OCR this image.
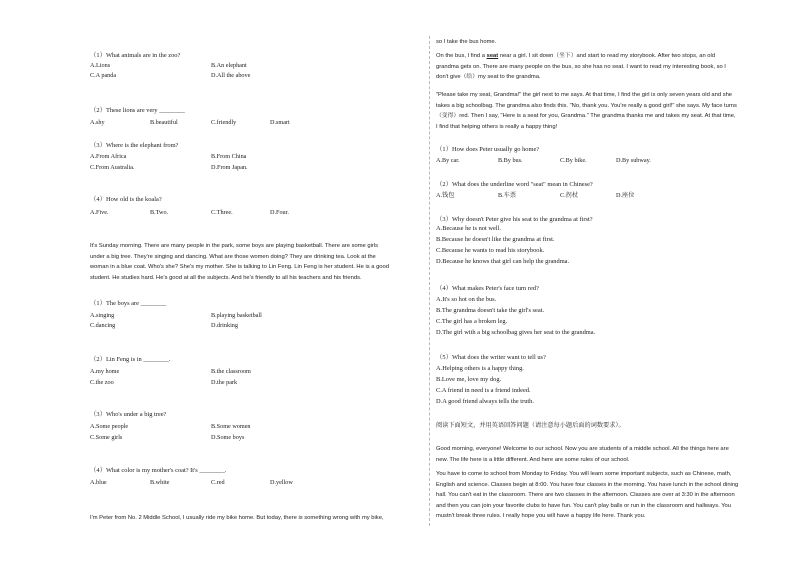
（1）What animals are in the zoo?
A.Lions	B.An elephant
C.A panda	D.All the above
（2）These lions are very ________
A.shy	B.beautiful	C.friendly	D.smart
（3）Where is the elephant from?
A.From Africa	B.From China
C.From Australia.	D.From Japan.
（4）How old is the koala?
A.Five.	B.Two.	C.Three.	D.Four.
It's Sunday morning. There are many people in the park, some boys are playing basketball. There are some girls
under a big tree. They're singing and dancing. What are those women doing? They are drinking tea. Look at the
woman in a blue coat. Who's she? She's my mother. She is talking to Lin Feng. Lin Feng is her student. He is a good
student. He studies hard. He's good at all the subjects. And he's friendly to all his teachers and his friends.
（1）The boys are ________
A.singing	B.playing basketball
C.dancing	D.drinking
（2）Lin Feng is in ________.
A.my home	B.the classroom
C.the zoo	D.the park
（3）Who's under a big tree?
A.Some people	B.Some women
C.Some girls	D.Some boys
（4）What color is my mother's coat? It's ________.
A.blue	B.white	C.red	D.yellow
I'm Peter from No. 2 Middle School, I usually ride my bike home. But today, there is something wrong with my bike,
so I take the bus home.
On the bus, I find a seat near a girl. I sit down（坐下）and start to read my storybook. After two stops, an old
grandma gets on. There are many people on the bus, so she has no seat. I want to read my interesting book, so I
don't give（给）my seat to the grandma.
"Please take my seat, Grandma!" the girl next to me says. At that time, I find the girl is only seven years old and she
takes a big schoolbag. The grandma also finds this. "No, thank you. You're really a good girl!" she says. My face turns
（变得）red. Then I say, "Here is a seat for you, Grandma." The grandma thanks me and takes my seat. At that time,
I find that helping others is really a happy thing!
（1）How does Peter usually go home?
A.By car.	B.By bus.	C.By bike.	D.By subway.
（2）What does the underline word "seat" mean in Chinese?
A.钱包	B.车票	C.拐杖	D.座位
（3）Why doesn't Peter give his seat to the grandma at first?
A.Because he is not well.
B.Because he doesn't like the grandma at first.
C.Because he wants to read his storybook.
D.Because he knows that girl can help the grandma.
（4）What makes Peter's face turn red?
A.It's so hot on the bus.
B.The grandma doesn't take the girl's seat.
C.The girl has a broken leg.
D.The girl with a big schoolbag gives her seat to the grandma.
（5）What does the writer want to tell us?
A.Helping others is a happy thing.
B.Love me, love my dog.
C.A friend in need is a friend indeed.
D.A good friend always tells the truth.
阅读下面短文，并用英语回答问题（请注意每小题后面的词数要求）。
Good morning, everyone! Welcome to our school. Now you are students of a middle school. All the things here are
new. The life here is a little different. And here are some rules of our school.
You have to come to school from Monday to Friday. You will learn some important subjects, such as Chinese, math,
English and science. Classes begin at 8:00. You have four classes in the morning. You have lunch in the school dining
hall. You can't eat in the classroom. There are two classes in the afternoon. Classes are over at 3:30 in the afternoon
and then you can join your favorite clubs to have fun. You can't play balls or run in the classroom and hallways. You
mustn't break three rules. I really hope you will have a happy life here. Thank you.
